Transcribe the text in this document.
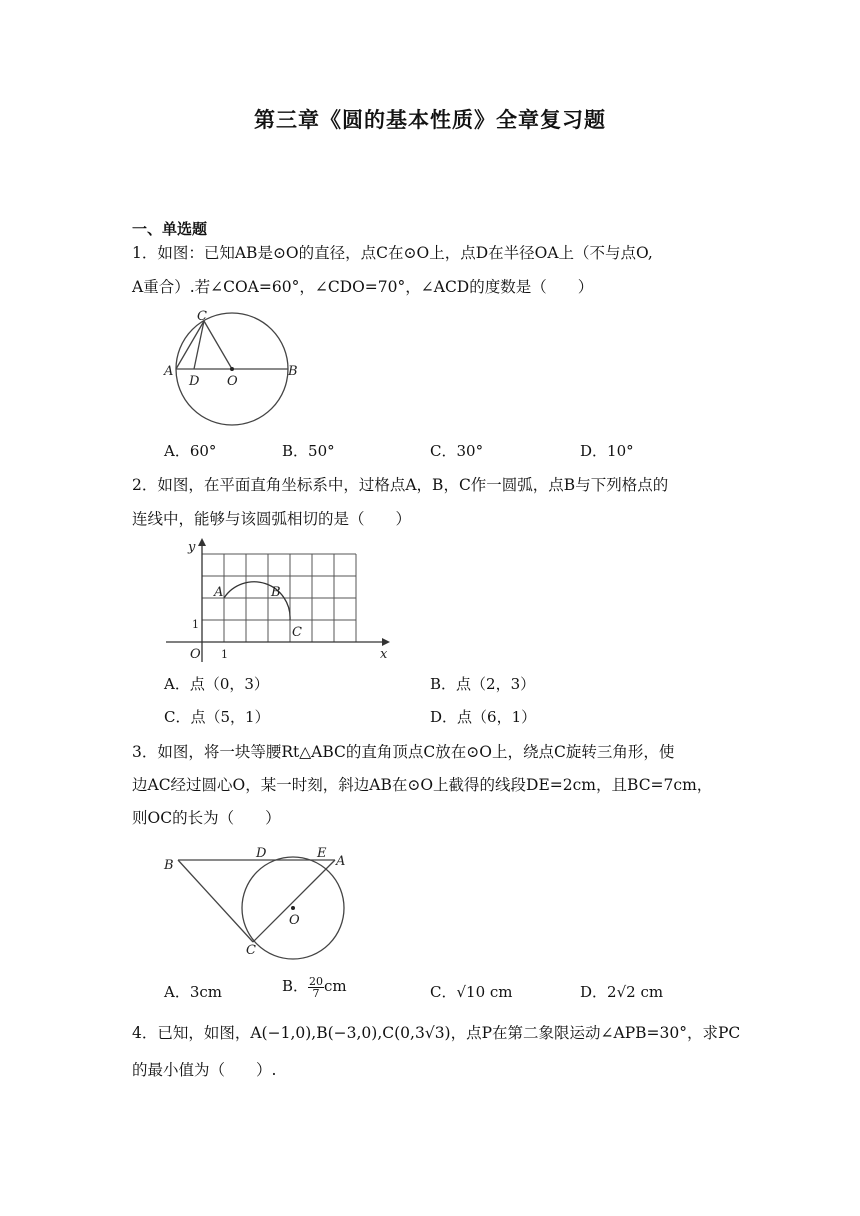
第三章《圆的基本性质》全章复习题
一、单选题
1．如图：已知AB是⊙O的直径，点C在⊙O上，点D在半径OA上（不与点O,
A重合）.若∠COA=60°，∠CDO=70°，∠ACD的度数是（　　）
C
A
D O
B
A．60°	B．50°	C．30°	D．10°
2．如图，在平面直角坐标系中，过格点A，B，C作一圆弧，点B与下列格点的
连线中，能够与该圆弧相切的是（　　）
y
A	B
C
1
O 1	x
A．点（0，3）	B．点（2，3）
C．点（5，1）	D．点（6，1）
3．如图，将一块等腰Rt△ABC的直角顶点C放在⊙O上，绕点C旋转三角形，使
边AC经过圆心O，某一时刻，斜边AB在⊙O上截得的线段DE=2cm，且BC=7cm，
则OC的长为（　　）
B
D	E
A
O
C
A．3cm	B． $\frac{20}{7}$ cm	C．√10 cm	D．2√2 cm
4．已知，如图，A(−1,0),B(−3,0),C(0,3√3)，点P在第二象限运动∠APB=30°，求PC
的最小值为（　　）.
